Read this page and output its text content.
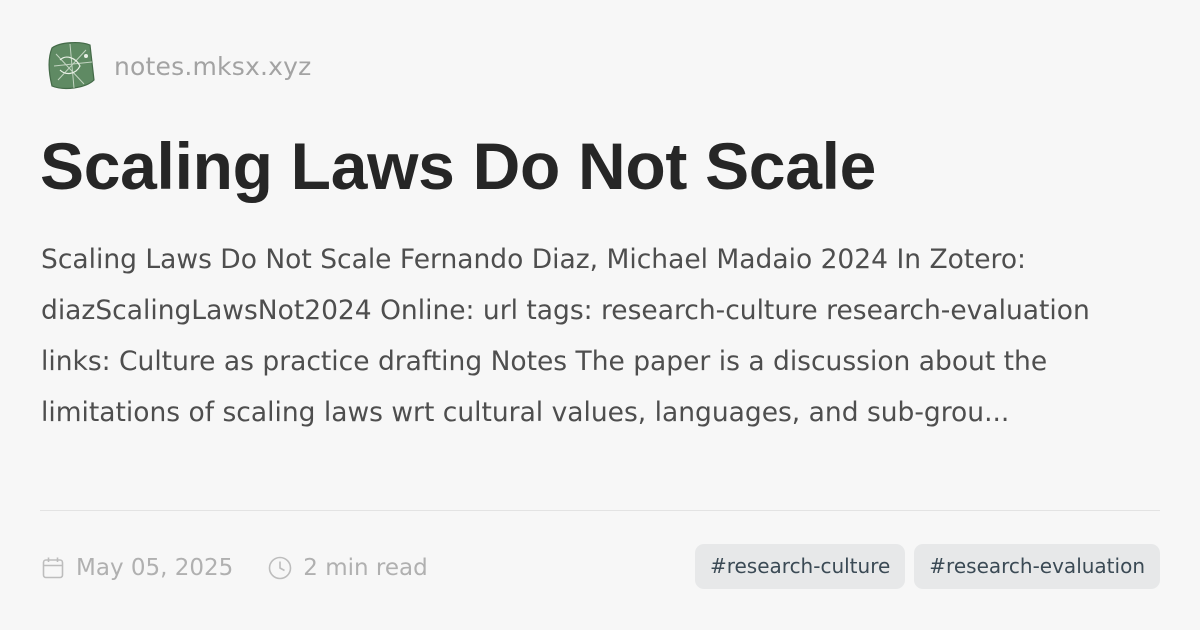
notes.mksx.xyz
Scaling Laws Do Not Scale

Scaling Laws Do Not Scale Fernando Diaz, Michael Madaio 2024 In Zotero: diazScalingLawsNot2024 Online: url tags: research-culture research-evaluation links: Culture as practice drafting Notes The paper is a discussion about the limitations of scaling laws wrt cultural values, languages, and sub-grou...

May 05, 2025	2 min read	#research-culture	#research-evaluation
